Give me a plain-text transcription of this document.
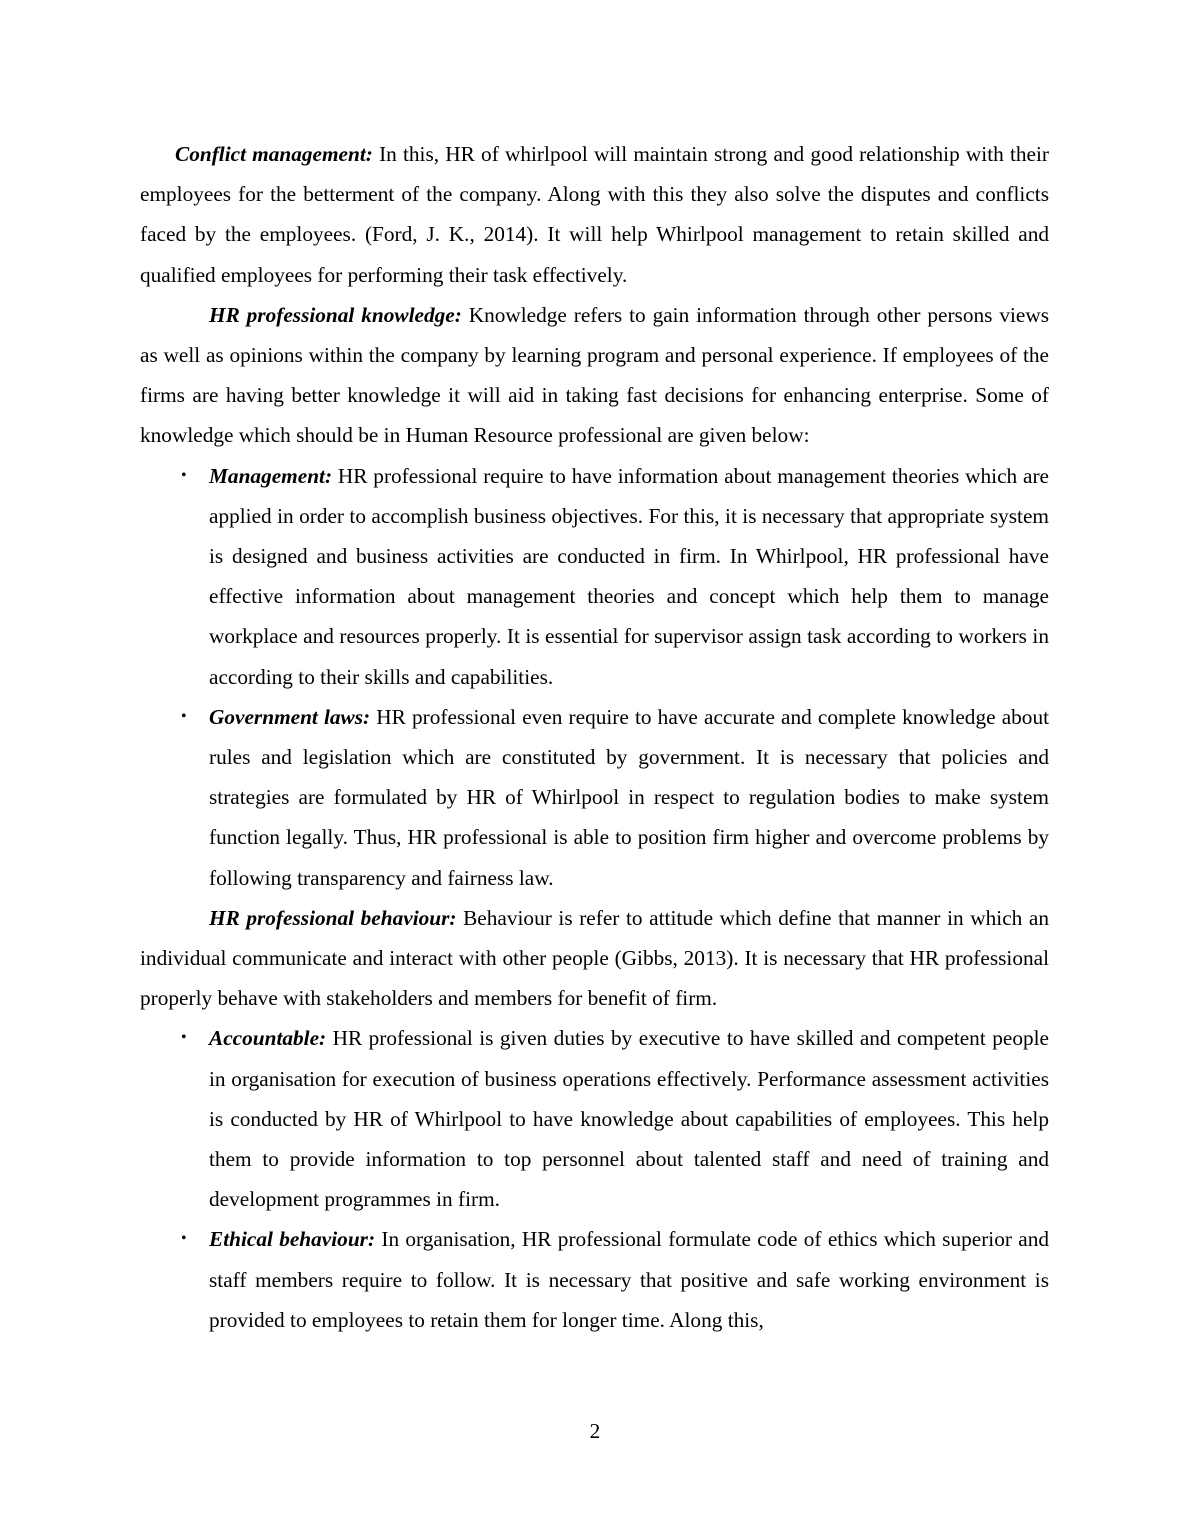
Conflict management: In this, HR of whirlpool will maintain strong and good relationship with their employees for the betterment of the company. Along with this they also solve the disputes and conflicts faced by the employees. (Ford, J. K., 2014). It will help Whirlpool management to retain skilled and qualified employees for performing their task effectively.

HR professional knowledge: Knowledge refers to gain information through other persons views as well as opinions within the company by learning program and personal experience. If employees of the firms are having better knowledge it will aid in taking fast decisions for enhancing enterprise. Some of knowledge which should be in Human Resource professional are given below:

• Management: HR professional require to have information about management theories which are applied in order to accomplish business objectives. For this, it is necessary that appropriate system is designed and business activities are conducted in firm. In Whirlpool, HR professional have effective information about management theories and concept which help them to manage workplace and resources properly. It is essential for supervisor assign task according to workers in according to their skills and capabilities.
• Government laws: HR professional even require to have accurate and complete knowledge about rules and legislation which are constituted by government. It is necessary that policies and strategies are formulated by HR of Whirlpool in respect to regulation bodies to make system function legally. Thus, HR professional is able to position firm higher and overcome problems by following transparency and fairness law.

HR professional behaviour: Behaviour is refer to attitude which define that manner in which an individual communicate and interact with other people (Gibbs, 2013). It is necessary that HR professional properly behave with stakeholders and members for benefit of firm.

• Accountable: HR professional is given duties by executive to have skilled and competent people in organisation for execution of business operations effectively. Performance assessment activities is conducted by HR of Whirlpool to have knowledge about capabilities of employees. This help them to provide information to top personnel about talented staff and need of training and development programmes in firm.
• Ethical behaviour: In organisation, HR professional formulate code of ethics which superior and staff members require to follow. It is necessary that positive and safe working environment is provided to employees to retain them for longer time. Along this,
2
